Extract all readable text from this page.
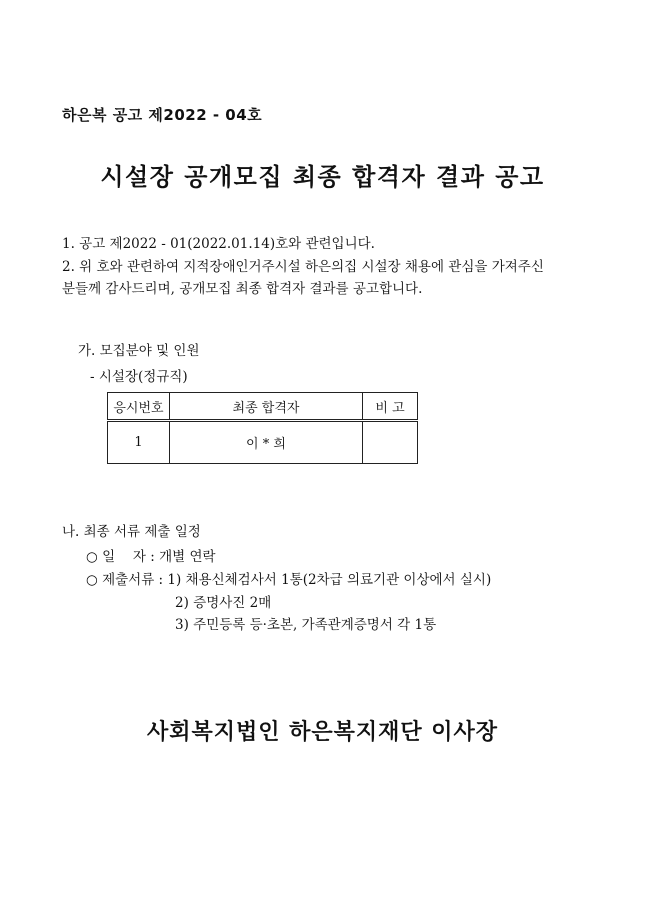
하은복 공고 제2022 - 04호
시설장 공개모집 최종 합격자 결과 공고
1. 공고 제2022 - 01(2022.01.14)호와 관련입니다.
2. 위 호와 관련하여 지적장애인거주시설 하은의집 시설장 채용에 관심을 가져주신
분들께 감사드리며, 공개모집 최종 합격자 결과를 공고합니다.
가. 모집분야 및 인원
- 시설장(정규직)
응시번호	최종 합격자	비 고
1	이 * 희	
나. 최종 서류 제출 일정
○ 일　 자 : 개별 연락
○ 제출서류 : 1) 채용신체검사서 1통(2차급 의료기관 이상에서 실시)
2) 증명사진 2매
3) 주민등록 등·초본, 가족관계증명서 각 1통
사회복지법인 하은복지재단 이사장
